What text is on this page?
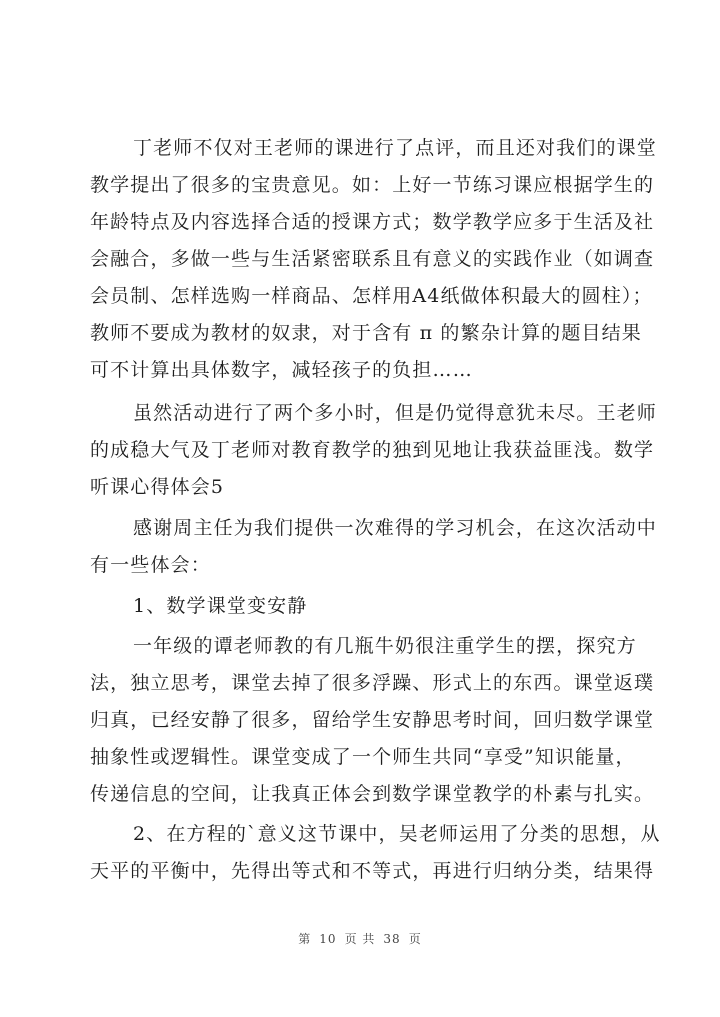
丁老师不仅对王老师的课进行了点评，而且还对我们的课堂
教学提出了很多的宝贵意见。如：上好一节练习课应根据学生的
年龄特点及内容选择合适的授课方式；数学教学应多于生活及社
会融合，多做一些与生活紧密联系且有意义的实践作业（如调查
会员制、怎样选购一样商品、怎样用A4纸做体积最大的圆柱）；
教师不要成为教材的奴隶，对于含有 π 的繁杂计算的题目结果
可不计算出具体数字，减轻孩子的负担……
虽然活动进行了两个多小时，但是仍觉得意犹未尽。王老师
的成稳大气及丁老师对教育教学的独到见地让我获益匪浅。数学
听课心得体会5
感谢周主任为我们提供一次难得的学习机会，在这次活动中
有一些体会：
1、数学课堂变安静
一年级的谭老师教的有几瓶牛奶很注重学生的摆，探究方
法，独立思考，课堂去掉了很多浮躁、形式上的东西。课堂返璞
归真，已经安静了很多，留给学生安静思考时间，回归数学课堂
抽象性或逻辑性。课堂变成了一个师生共同“享受”知识能量，
传递信息的空间，让我真正体会到数学课堂教学的朴素与扎实。
2、在方程的`意义这节课中，吴老师运用了分类的思想，从
天平的平衡中，先得出等式和不等式，再进行归纳分类，结果得
第 10 页 共 38 页
